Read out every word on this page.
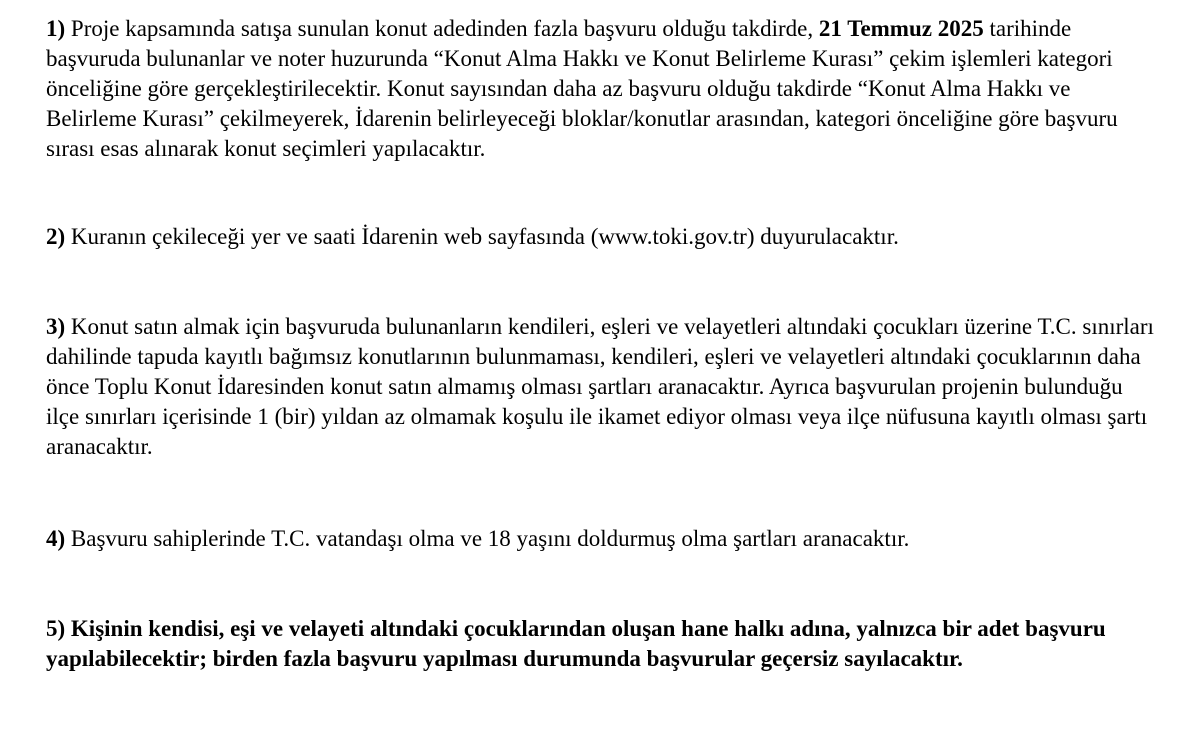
1) Proje kapsamında satışa sunulan konut adedinden fazla başvuru olduğu takdirde, 21 Temmuz 2025 tarihinde başvuruda bulunanlar ve noter huzurunda “Konut Alma Hakkı ve Konut Belirleme Kurası” çekim işlemleri kategori önceliğine göre gerçekleştirilecektir. Konut sayısından daha az başvuru olduğu takdirde “Konut Alma Hakkı ve Belirleme Kurası” çekilmeyerek, İdarenin belirleyeceği bloklar/konutlar arasından, kategori önceliğine göre başvuru sırası esas alınarak konut seçimleri yapılacaktır.

2) Kuranın çekileceği yer ve saati İdarenin web sayfasında (www.toki.gov.tr) duyurulacaktır.

3) Konut satın almak için başvuruda bulunanların kendileri, eşleri ve velayetleri altındaki çocukları üzerine T.C. sınırları dahilinde tapuda kayıtlı bağımsız konutlarının bulunmaması, kendileri, eşleri ve velayetleri altındaki çocuklarının daha önce Toplu Konut İdaresinden konut satın almamış olması şartları aranacaktır. Ayrıca başvurulan projenin bulunduğu ilçe sınırları içerisinde 1 (bir) yıldan az olmamak koşulu ile ikamet ediyor olması veya ilçe nüfusuna kayıtlı olması şartı aranacaktır.

4) Başvuru sahiplerinde T.C. vatandaşı olma ve 18 yaşını doldurmuş olma şartları aranacaktır.

5) Kişinin kendisi, eşi ve velayeti altındaki çocuklarından oluşan hane halkı adına, yalnızca bir adet başvuru yapılabilecektir; birden fazla başvuru yapılması durumunda başvurular geçersiz sayılacaktır.
